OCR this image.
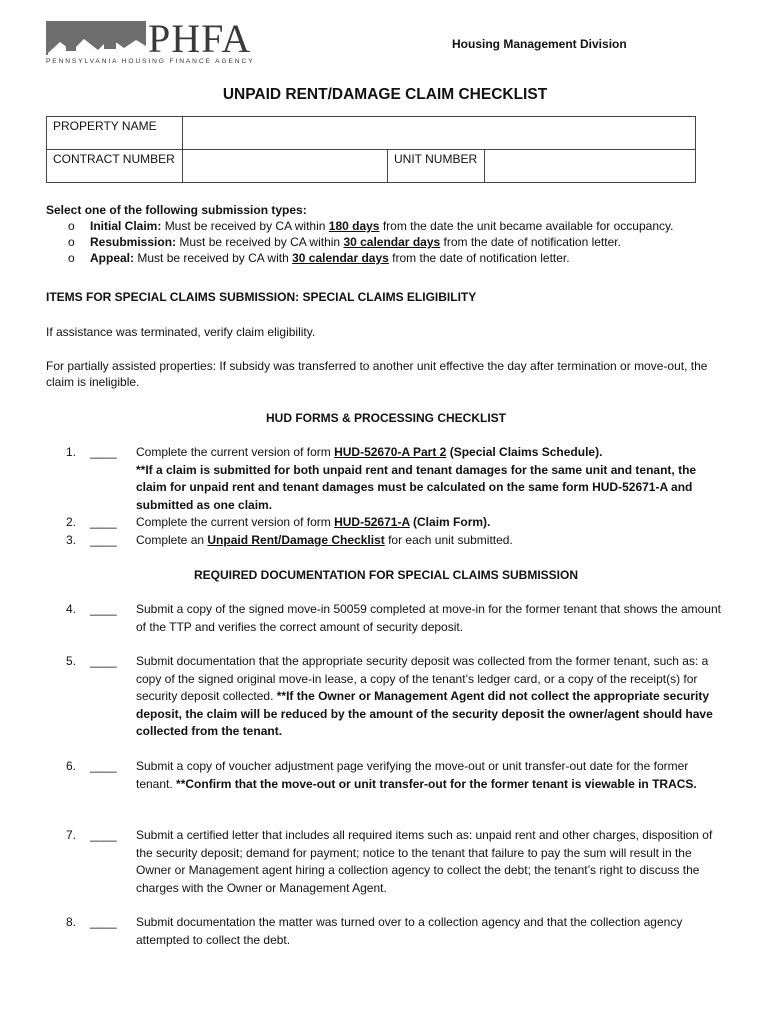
PHFA
PENNSYLVANIA HOUSING FINANCE AGENCY
Housing Management Division
UNPAID RENT/DAMAGE CLAIM CHECKLIST
PROPERTY NAME			
CONTRACT NUMBER		UNIT NUMBER	
Select one of the following submission types:
o Initial Claim: Must be received by CA within 180 days from the date the unit became available for occupancy.
o Resubmission: Must be received by CA within 30 calendar days from the date of notification letter.
o Appeal: Must be received by CA with 30 calendar days from the date of notification letter.
ITEMS FOR SPECIAL CLAIMS SUBMISSION: SPECIAL CLAIMS ELIGIBILITY
If assistance was terminated, verify claim eligibility.
For partially assisted properties: If subsidy was transferred to another unit effective the day after termination or move-out, the claim is ineligible.
HUD FORMS & PROCESSING CHECKLIST
1.	____ Complete the current version of form HUD-52670-A Part 2 (Special Claims Schedule).
**If a claim is submitted for both unpaid rent and tenant damages for the same unit and tenant, the claim for unpaid rent and tenant damages must be calculated on the same form HUD-52671-A and submitted as one claim.
2.	____ Complete the current version of form HUD-52671-A (Claim Form).
3.	____ Complete an Unpaid Rent/Damage Checklist for each unit submitted.
REQUIRED DOCUMENTATION FOR SPECIAL CLAIMS SUBMISSION
4.	____ Submit a copy of the signed move-in 50059 completed at move-in for the former tenant that shows the amount of the TTP and verifies the correct amount of security deposit.
5.	____ Submit documentation that the appropriate security deposit was collected from the former tenant, such as: a copy of the signed original move-in lease, a copy of the tenant’s ledger card, or a copy of the receipt(s) for security deposit collected. **If the Owner or Management Agent did not collect the appropriate security deposit, the claim will be reduced by the amount of the security deposit the owner/agent should have collected from the tenant.
6.	____ Submit a copy of voucher adjustment page verifying the move-out or unit transfer-out date for the former tenant. **Confirm that the move-out or unit transfer-out for the former tenant is viewable in TRACS.
7.	____ Submit a certified letter that includes all required items such as: unpaid rent and other charges, disposition of the security deposit; demand for payment; notice to the tenant that failure to pay the sum will result in the Owner or Management agent hiring a collection agency to collect the debt; the tenant’s right to discuss the charges with the Owner or Management Agent.
8.	____ Submit documentation the matter was turned over to a collection agency and that the collection agency attempted to collect the debt.
